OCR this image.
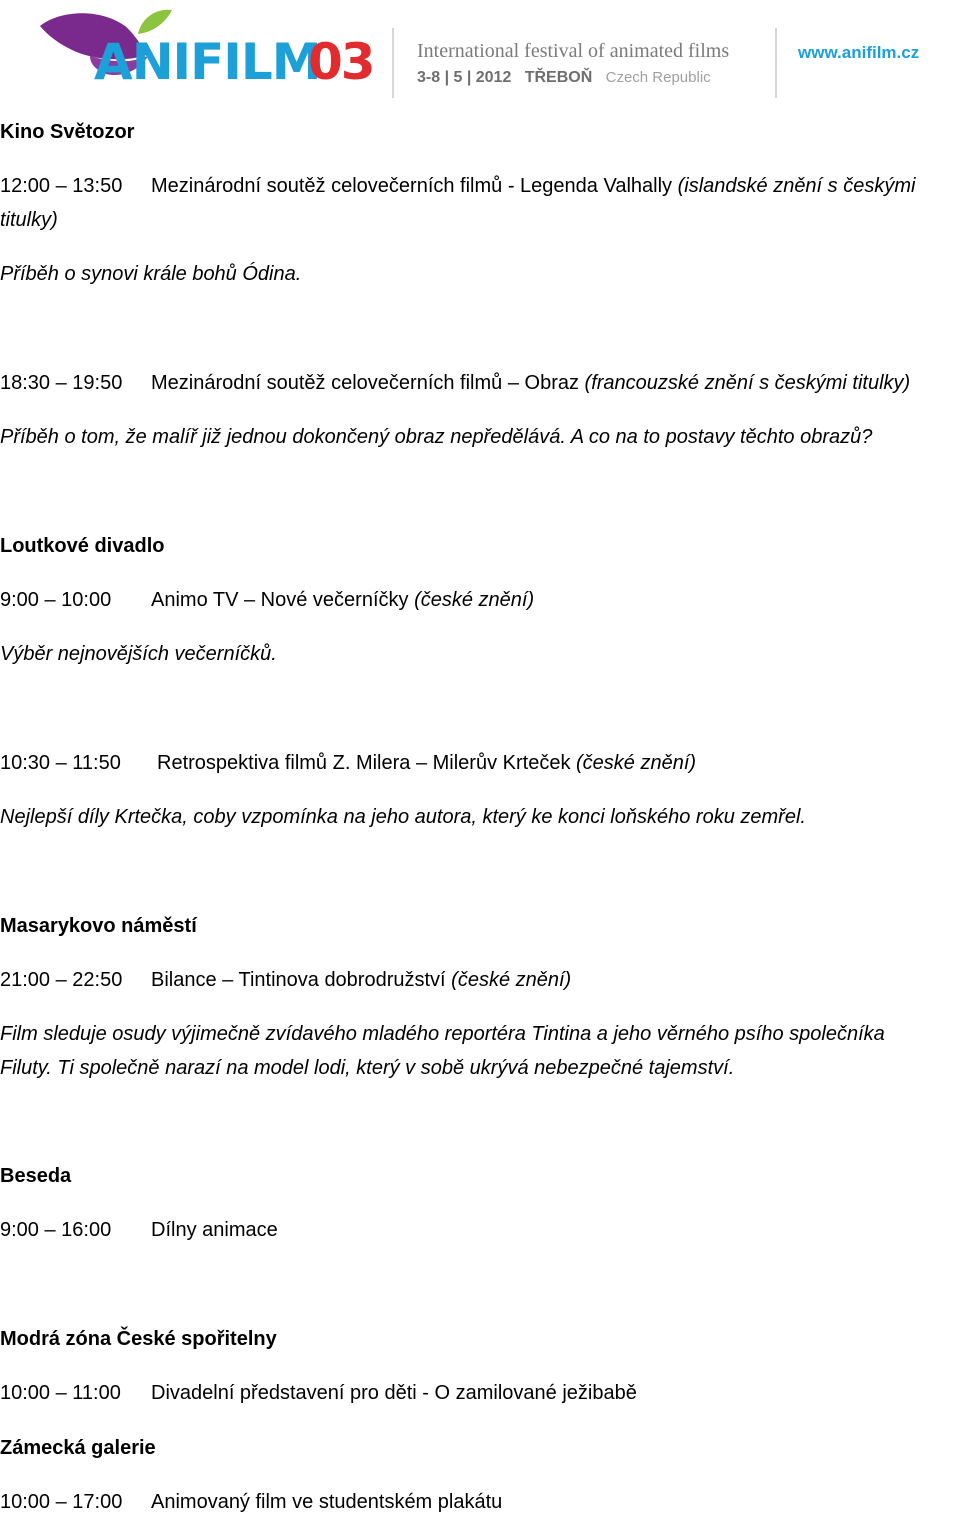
ANIFILM
03 International festival of animated films
3-8 | 5 | 2012 TŘEBOŇ Czech Republic
www.anifilm.cz
Kino Světozor
12:00 – 13:50 Mezinárodní soutěž celovečerních filmů - Legenda Valhally (islandské znění s českými
titulky)
Příběh o synovi krále bohů Ódina.
18:30 – 19:50 Mezinárodní soutěž celovečerních filmů – Obraz (francouzské znění s českými titulky)
Příběh o tom, že malíř již jednou dokončený obraz nepředělává. A co na to postavy těchto obrazů?
Loutkové divadlo
9:00 – 10:00 Animo TV – Nové večerníčky (české znění)
Výběr nejnovějších večerníčků.
10:30 – 11:50 Retrospektiva filmů Z. Milera – Milerův Krteček (české znění)
Nejlepší díly Krtečka, coby vzpomínka na jeho autora, který ke konci loňského roku zemřel.
Masarykovo náměstí
21:00 – 22:50 Bilance – Tintinova dobrodružství (české znění)
Film sleduje osudy výjimečně zvídavého mladého reportéra Tintina a jeho věrného psího společníka
Filuty. Ti společně narazí na model lodi, který v sobě ukrývá nebezpečné tajemství.
Beseda
9:00 – 16:00 Dílny animace
Modrá zóna České spořitelny
10:00 – 11:00 Divadelní představení pro děti - O zamilované ježibabě
Zámecká galerie
10:00 – 17:00 Animovaný film ve studentském plakátu
